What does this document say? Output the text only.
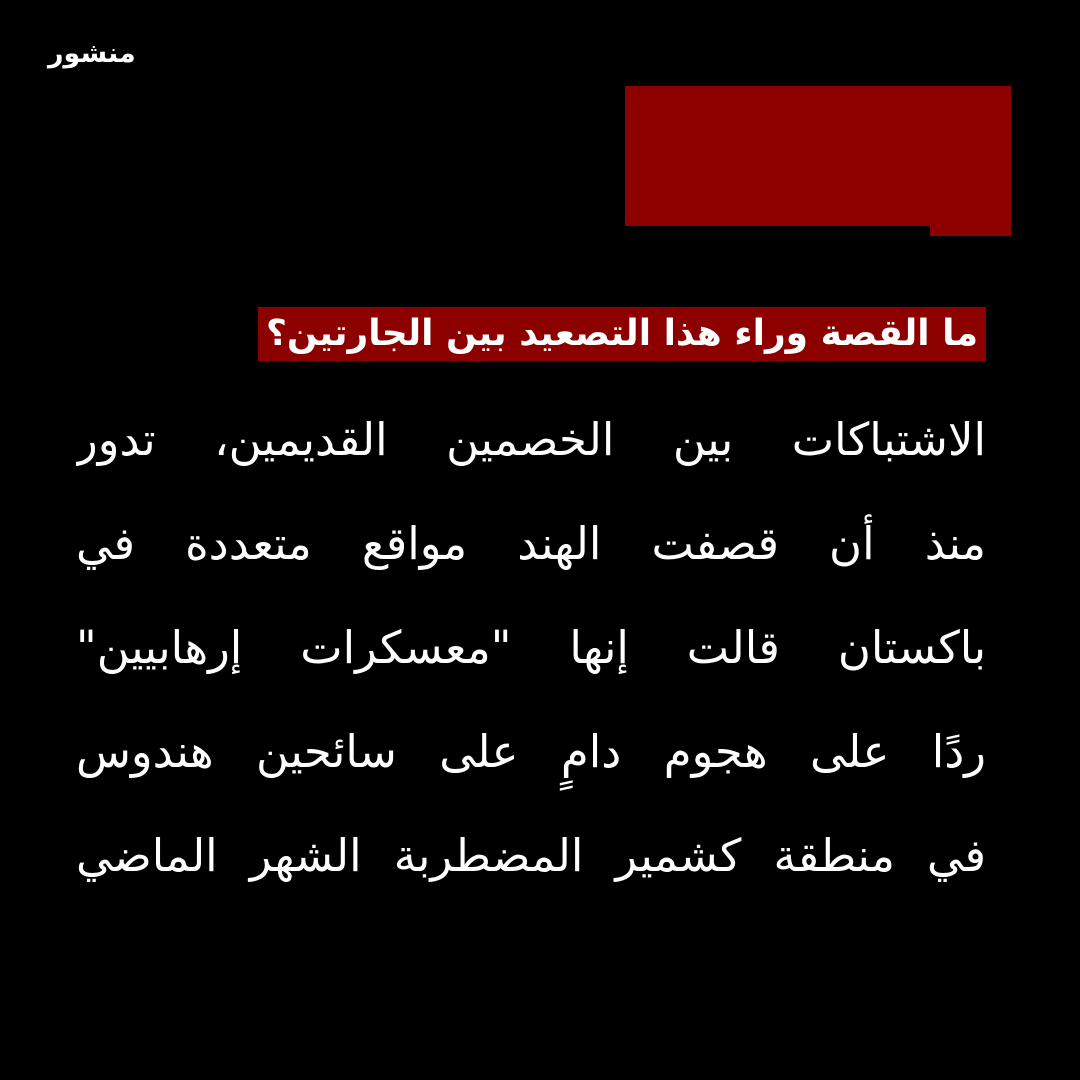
منشور
ما القصة وراء هذا التصعيد بين الجارتين؟
الاشتباكات بين الخصمين القديمين، تدور
منذ أن قصفت الهند مواقع متعددة في
باكستان قالت إنها "معسكرات إرهابيين"
ردًا على هجوم دامٍ على سائحين هندوس
في منطقة كشمير المضطربة الشهر الماضي
